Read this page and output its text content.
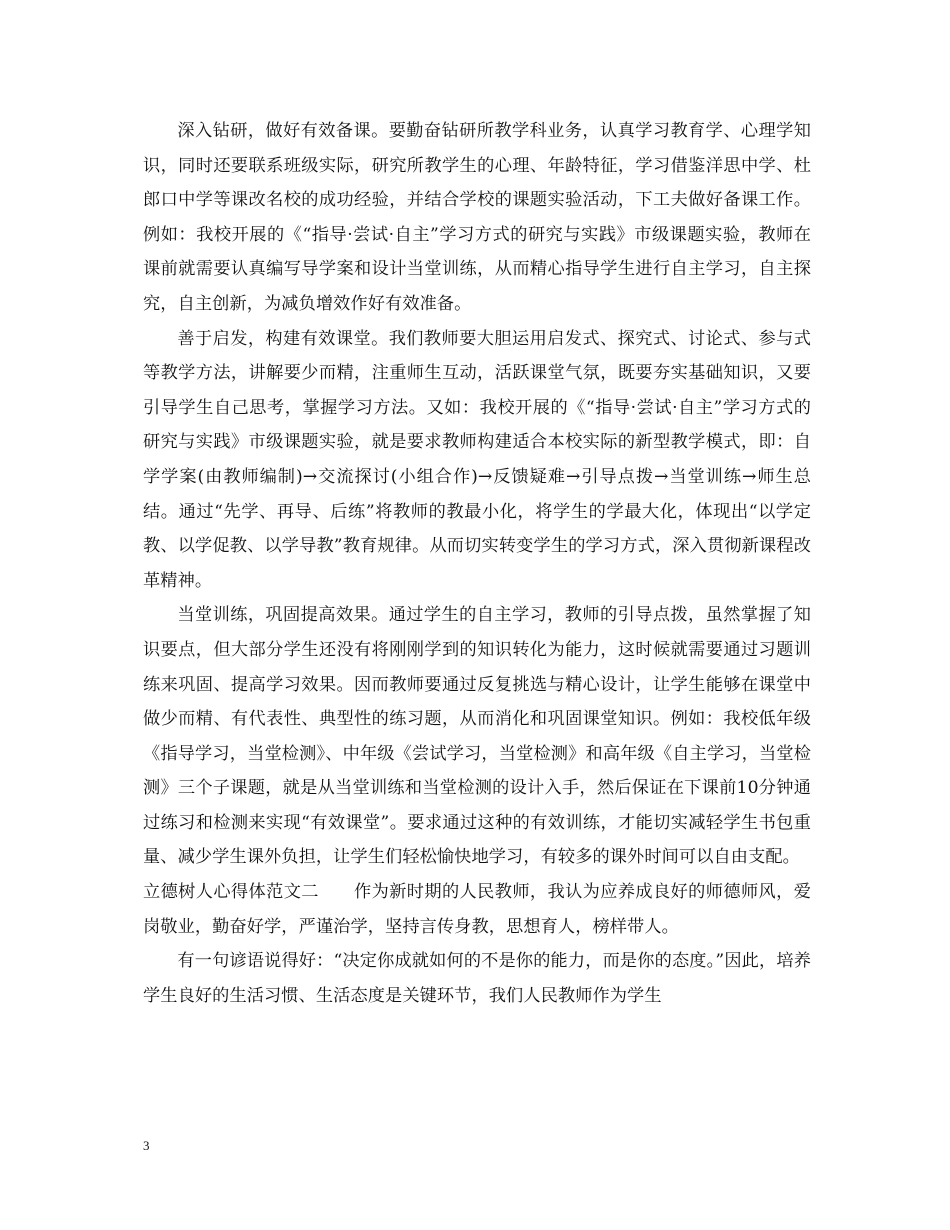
深入钻研，做好有效备课。要勤奋钻研所教学科业务，认真学习教育学、心理学知识，同时还要联系班级实际，研究所教学生的心理、年龄特征，学习借鉴洋思中学、杜郎口中学等课改名校的成功经验，并结合学校的课题实验活动，下工夫做好备课工作。例如：我校开展的《“指导·尝试·自主”学习方式的研究与实践》市级课题实验，教师在课前就需要认真编写导学案和设计当堂训练，从而精心指导学生进行自主学习，自主探究，自主创新，为减负增效作好有效准备。

善于启发，构建有效课堂。我们教师要大胆运用启发式、探究式、讨论式、参与式等教学方法，讲解要少而精，注重师生互动，活跃课堂气氛，既要夯实基础知识，又要引导学生自己思考，掌握学习方法。又如：我校开展的《“指导·尝试·自主”学习方式的研究与实践》市级课题实验，就是要求教师构建适合本校实际的新型教学模式，即：自学学案(由教师编制)→交流探讨(小组合作)→反馈疑难→引导点拨→当堂训练→师生总结。通过“先学、再导、后练”将教师的教最小化，将学生的学最大化，体现出“以学定教、以学促教、以学导教”教育规律。从而切实转变学生的学习方式，深入贯彻新课程改革精神。

当堂训练，巩固提高效果。通过学生的自主学习，教师的引导点拨，虽然掌握了知识要点，但大部分学生还没有将刚刚学到的知识转化为能力，这时候就需要通过习题训练来巩固、提高学习效果。因而教师要通过反复挑选与精心设计，让学生能够在课堂中做少而精、有代表性、典型性的练习题，从而消化和巩固课堂知识。例如：我校低年级《指导学习，当堂检测》、中年级《尝试学习，当堂检测》和高年级《自主学习，当堂检测》三个子课题，就是从当堂训练和当堂检测的设计入手，然后保证在下课前10分钟通过练习和检测来实现“有效课堂”。要求通过这种的有效训练，才能切实减轻学生书包重量、减少学生课外负担，让学生们轻松愉快地学习，有较多的课外时间可以自由支配。

立德树人心得体范文二　　作为新时期的人民教师，我认为应养成良好的师德师风，爱岗敬业，勤奋好学，严谨治学，坚持言传身教，思想育人，榜样带人。

有一句谚语说得好：“决定你成就如何的不是你的能力，而是你的态度。”因此，培养学生良好的生活习惯、生活态度是关键环节，我们人民教师作为学生

3
